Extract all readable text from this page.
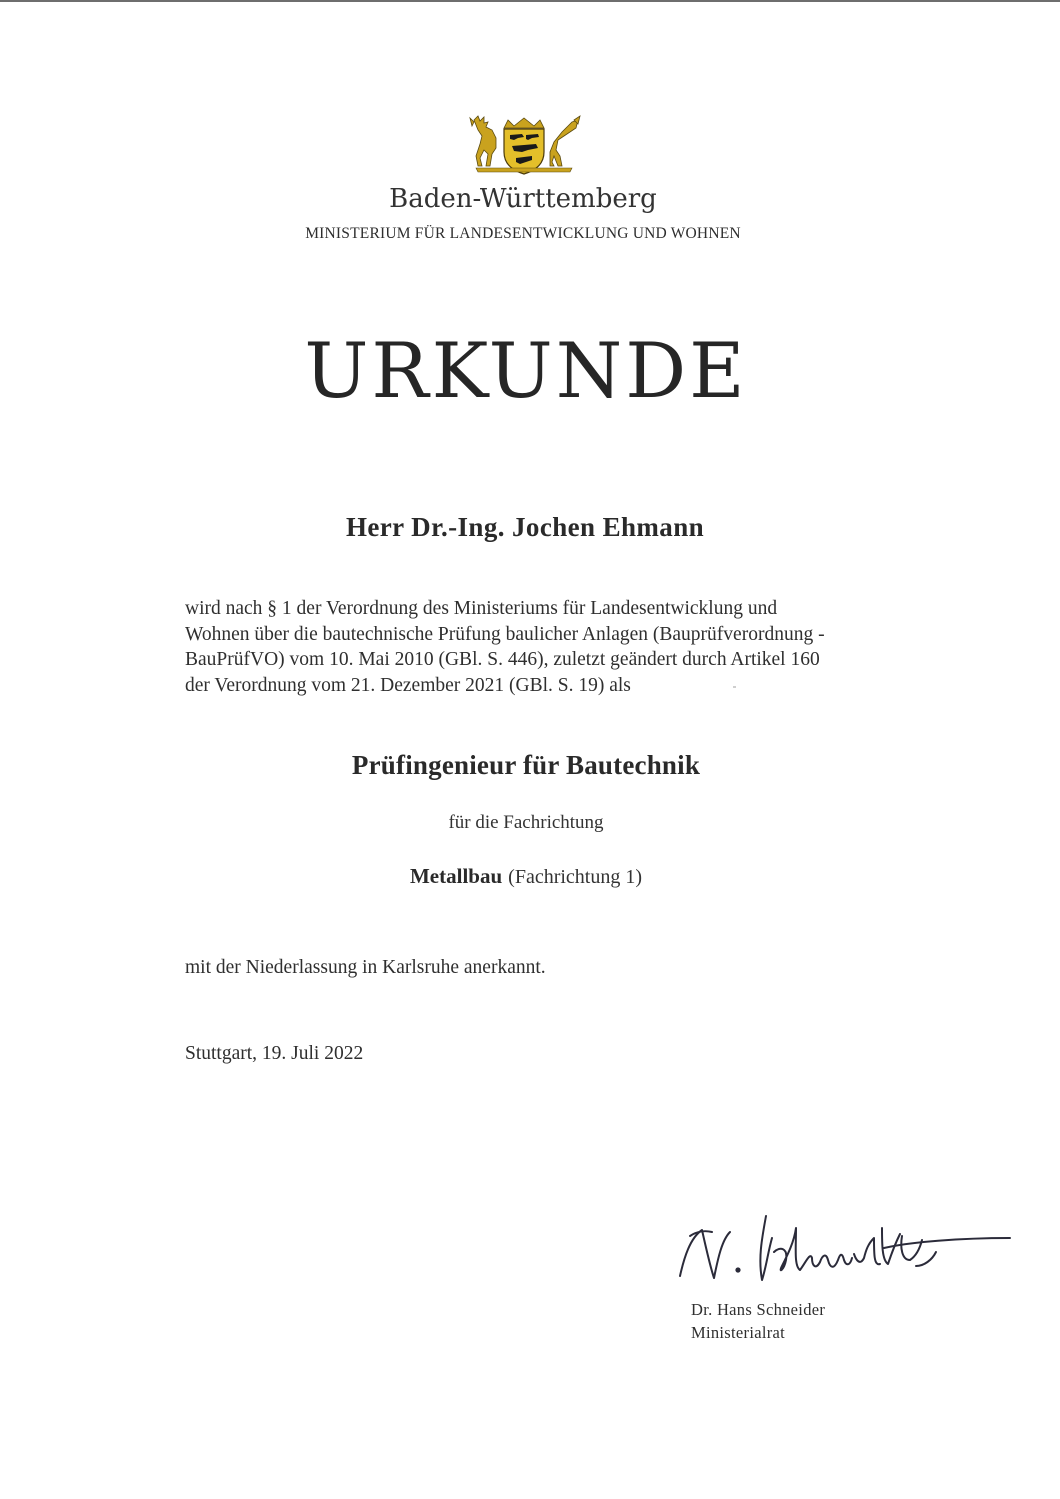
Baden-Württemberg
MINISTERIUM FÜR LANDESENTWICKLUNG UND WOHNEN
URKUNDE
Herr Dr.-Ing. Jochen Ehmann
wird nach § 1 der Verordnung des Ministeriums für Landesentwicklung und
Wohnen über die bautechnische Prüfung baulicher Anlagen (Bauprüfverordnung -
BauPrüfVO) vom 10. Mai 2010 (GBl. S. 446), zuletzt geändert durch Artikel 160
der Verordnung vom 21. Dezember 2021 (GBl. S. 19) als
Prüfingenieur für Bautechnik
für die Fachrichtung
Metallbau (Fachrichtung 1)
mit der Niederlassung in Karlsruhe anerkannt.
Stuttgart, 19. Juli 2022
Dr. Hans Schneider
Ministerialrat
